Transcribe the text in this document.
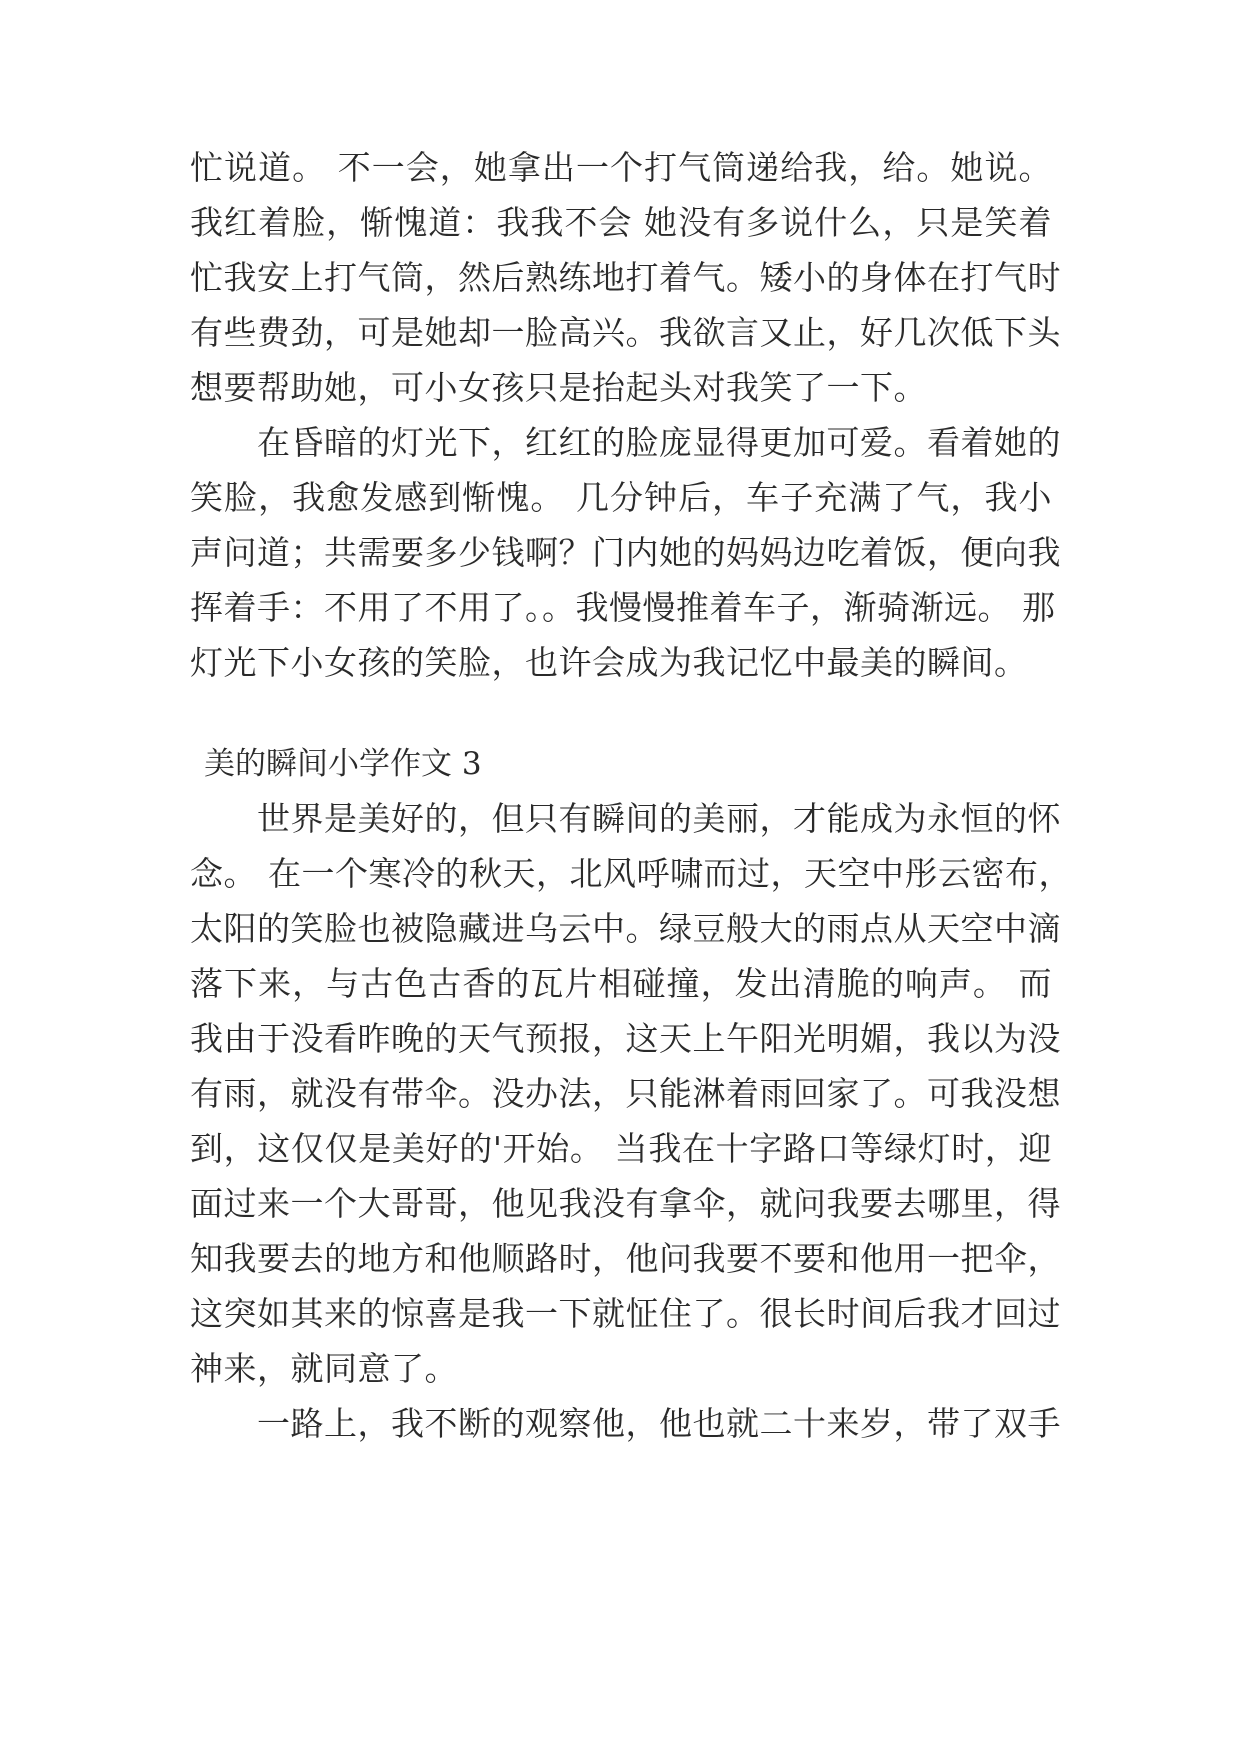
忙说道。 不一会，她拿出一个打气筒递给我，给。她说。
我红着脸，惭愧道：我我不会 她没有多说什么，只是笑着
忙我安上打气筒，然后熟练地打着气。矮小的身体在打气时
有些费劲，可是她却一脸高兴。我欲言又止，好几次低下头
想要帮助她，可小女孩只是抬起头对我笑了一下。
　　在昏暗的灯光下，红红的脸庞显得更加可爱。看着她的
笑脸，我愈发感到惭愧。 几分钟后，车子充满了气，我小
声问道；共需要多少钱啊？门内她的妈妈边吃着饭，便向我
挥着手：不用了不用了。。我慢慢推着车子，渐骑渐远。 那
灯光下小女孩的笑脸，也许会成为我记忆中最美的瞬间。
美的瞬间小学作文 3
　　世界是美好的，但只有瞬间的美丽，才能成为永恒的怀
念。 在一个寒冷的秋天，北风呼啸而过，天空中彤云密布，
太阳的笑脸也被隐藏进乌云中。绿豆般大的雨点从天空中滴
落下来，与古色古香的瓦片相碰撞，发出清脆的响声。 而
我由于没看昨晚的天气预报，这天上午阳光明媚，我以为没
有雨，就没有带伞。没办法，只能淋着雨回家了。可我没想
到，这仅仅是美好的'开始。 当我在十字路口等绿灯时，迎
面过来一个大哥哥，他见我没有拿伞，就问我要去哪里，得
知我要去的地方和他顺路时，他问我要不要和他用一把伞，
这突如其来的惊喜是我一下就怔住了。很长时间后我才回过
神来，就同意了。
　　一路上，我不断的观察他，他也就二十来岁，带了双手
